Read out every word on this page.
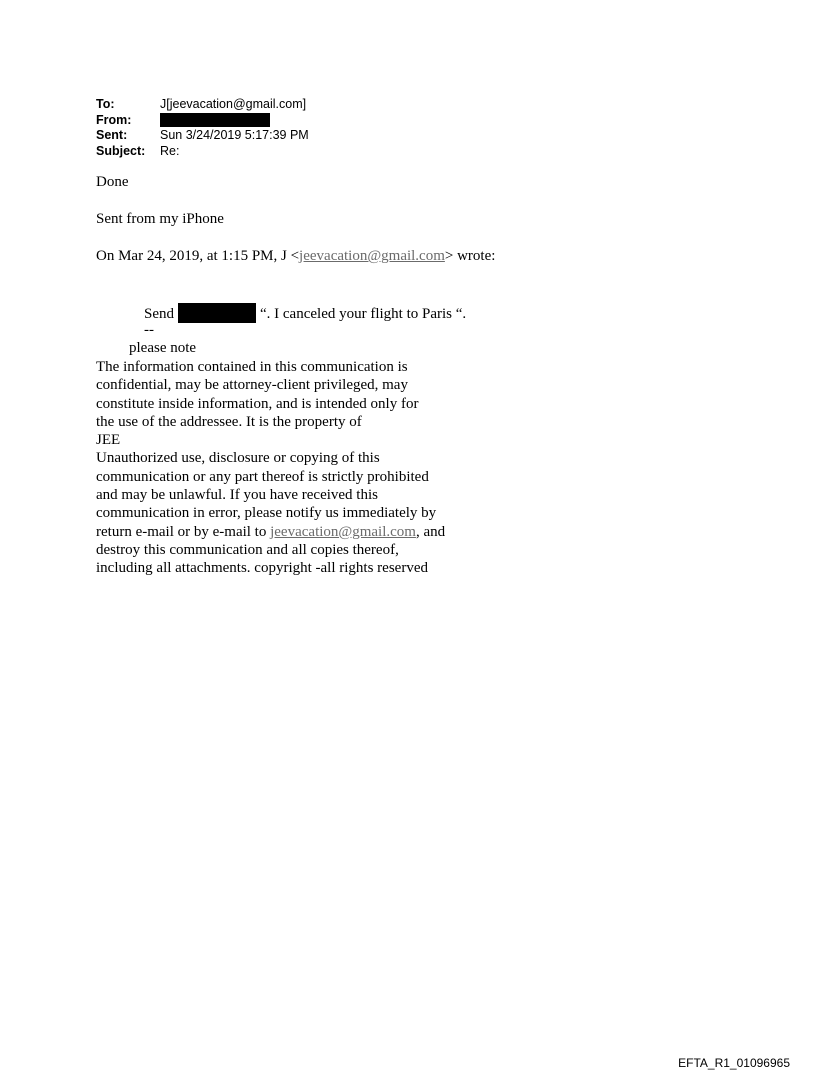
To:	J[jeevacation@gmail.com]
From:
Sent:	Sun 3/24/2019 5:17:39 PM
Subject:	Re:
Done
Sent from my iPhone
On Mar 24, 2019, at 1:15 PM, J <jeevacation@gmail.com> wrote:
Send	“. I canceled your flight to Paris “.
--
please note
The information contained in this communication is
confidential, may be attorney-client privileged, may
constitute inside information, and is intended only for
the use of the addressee. It is the property of
JEE
Unauthorized use, disclosure or copying of this
communication or any part thereof is strictly prohibited
and may be unlawful. If you have received this
communication in error, please notify us immediately by
return e-mail or by e-mail to jeevacation@gmail.com, and
destroy this communication and all copies thereof,
including all attachments. copyright -all rights reserved
EFTA_R1_01096965
